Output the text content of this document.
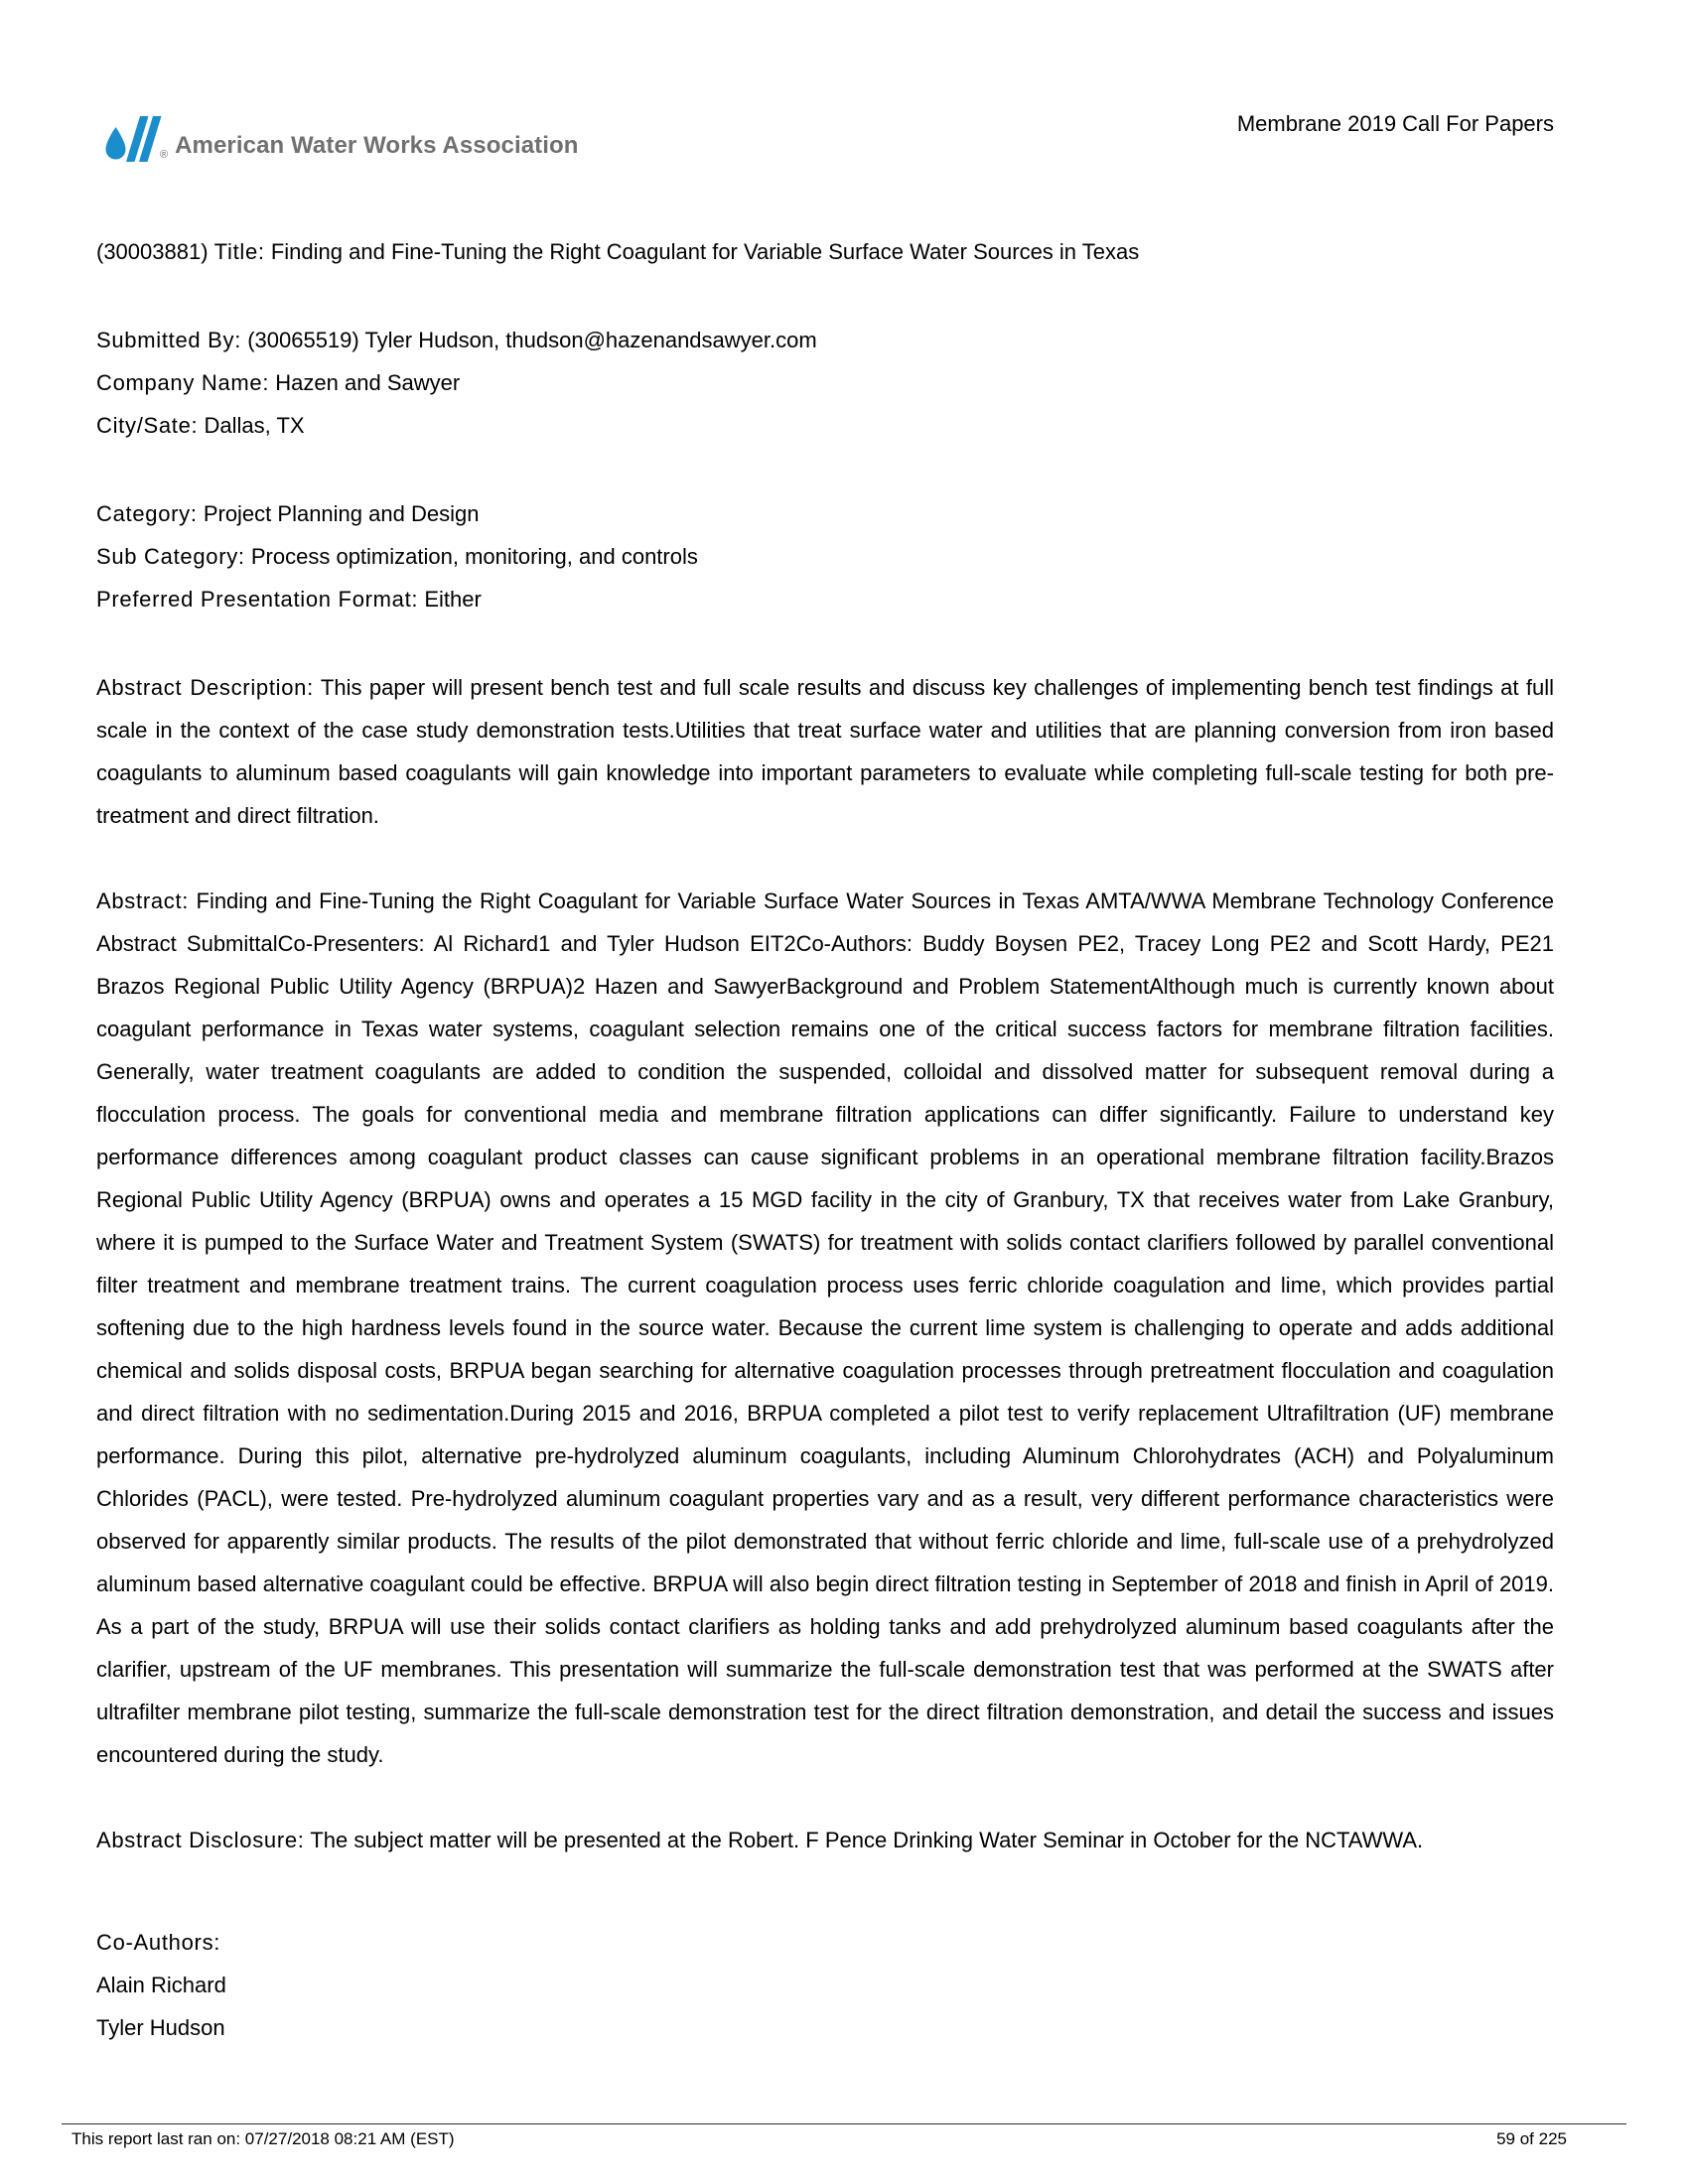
® American Water Works Association
Membrane 2019 Call For Papers

(30003881) Title: Finding and Fine-Tuning the Right Coagulant for Variable Surface Water Sources in Texas

Submitted By: (30065519) Tyler Hudson, thudson@hazenandsawyer.com

Company Name: Hazen and Sawyer

City/Sate: Dallas, TX

Category: Project Planning and Design

Sub Category: Process optimization, monitoring, and controls

Preferred Presentation Format: Either

Abstract Description: This paper will present bench test and full scale results and discuss key challenges of implementing bench test findings at full scale in the context of the case study demonstration tests.Utilities that treat surface water and utilities that are planning conversion from iron based coagulants to aluminum based coagulants will gain knowledge into important parameters to evaluate while completing full-scale testing for both pre-treatment and direct filtration.

Abstract: Finding and Fine-Tuning the Right Coagulant for Variable Surface Water Sources in Texas AMTA/WWA Membrane Technology Conference Abstract SubmittalCo-Presenters: Al Richard1 and Tyler Hudson EIT2Co-Authors: Buddy Boysen PE2, Tracey Long PE2 and Scott Hardy, PE21 Brazos Regional Public Utility Agency (BRPUA)2 Hazen and SawyerBackground and Problem StatementAlthough much is currently known about coagulant performance in Texas water systems, coagulant selection remains one of the critical success factors for membrane filtration facilities. Generally, water treatment coagulants are added to condition the suspended, colloidal and dissolved matter for subsequent removal during a flocculation process. The goals for conventional media and membrane filtration applications can differ significantly. Failure to understand key performance differences among coagulant product classes can cause significant problems in an operational membrane filtration facility.Brazos Regional Public Utility Agency (BRPUA) owns and operates a 15 MGD facility in the city of Granbury, TX that receives water from Lake Granbury, where it is pumped to the Surface Water and Treatment System (SWATS) for treatment with solids contact clarifiers followed by parallel conventional filter treatment and membrane treatment trains. The current coagulation process uses ferric chloride coagulation and lime, which provides partial softening due to the high hardness levels found in the source water. Because the current lime system is challenging to operate and adds additional chemical and solids disposal costs, BRPUA began searching for alternative coagulation processes through pretreatment flocculation and coagulation and direct filtration with no sedimentation.During 2015 and 2016, BRPUA completed a pilot test to verify replacement Ultrafiltration (UF) membrane performance. During this pilot, alternative pre-hydrolyzed aluminum coagulants, including Aluminum Chlorohydrates (ACH) and Polyaluminum Chlorides (PACL), were tested. Pre-hydrolyzed aluminum coagulant properties vary and as a result, very different performance characteristics were observed for apparently similar products. The results of the pilot demonstrated that without ferric chloride and lime, full-scale use of a prehydrolyzed aluminum based alternative coagulant could be effective. BRPUA will also begin direct filtration testing in September of 2018 and finish in April of 2019. As a part of the study, BRPUA will use their solids contact clarifiers as holding tanks and add prehydrolyzed aluminum based coagulants after the clarifier, upstream of the UF membranes. This presentation will summarize the full-scale demonstration test that was performed at the SWATS after ultrafilter membrane pilot testing, summarize the full-scale demonstration test for the direct filtration demonstration, and detail the success and issues encountered during the study.

Abstract Disclosure: The subject matter will be presented at the Robert. F Pence Drinking Water Seminar in October for the NCTAWWA.

Co-Authors:

Alain Richard

Tyler Hudson

This report last ran on: 07/27/2018 08:21 AM (EST)	59 of 225
